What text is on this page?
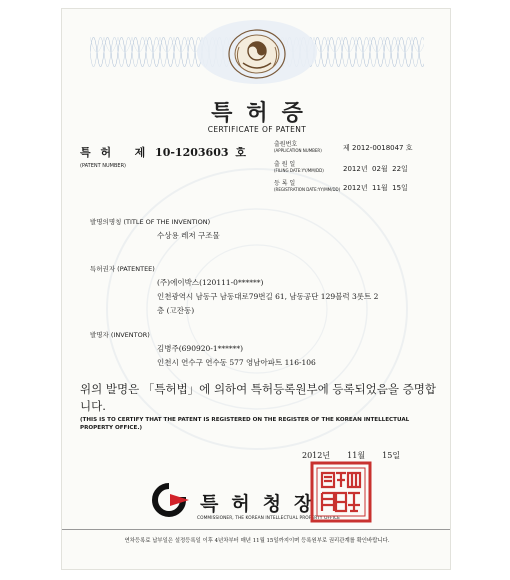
특허증
CERTIFICATE OF PATENT
특 허   제 10-1203603 호
(PATENT NUMBER)
출원번호
(APPLICATION NUMBER)	제 2012-0018047 호
출 원 일
(FILING DATE:YY/MM/DD)	2012년  02월  22일
등 록 일
(REGISTRATION DATE:YY/MM/DD) 2012년  11월  15일
발명의명칭 (TITLE OF THE INVENTION)
수상용 레저 구조물
특허권자 (PATENTEE)
(주)에이박스(120111-0******)
인천광역시 남동구 남동대로79번길 61, 남동공단 129블럭 3롯트 2
층 (고잔동)
발명자 (INVENTOR)
김병주(690920-1******)
인천시 연수구 연수동 577 영남아파트 116-106
위의 발명은 「특허법」에 의하여 특허등록원부에 등록되었음을 증명합니다.
(THIS IS TO CERTIFY THAT THE PATENT IS REGISTERED ON THE REGISTER OF THE KOREAN INTELLECTUAL PROPERTY OFFICE.)
2012년  11월  15일
특허청장
COMMISSIONER, THE KOREAN INTELLECTUAL PROPERTY OFFICE
연차등록료 납부일은 설정등록일 이후 4년차부터 매년 11월 15일까지이며 등록원부로 권리관계를 확인바랍니다.
